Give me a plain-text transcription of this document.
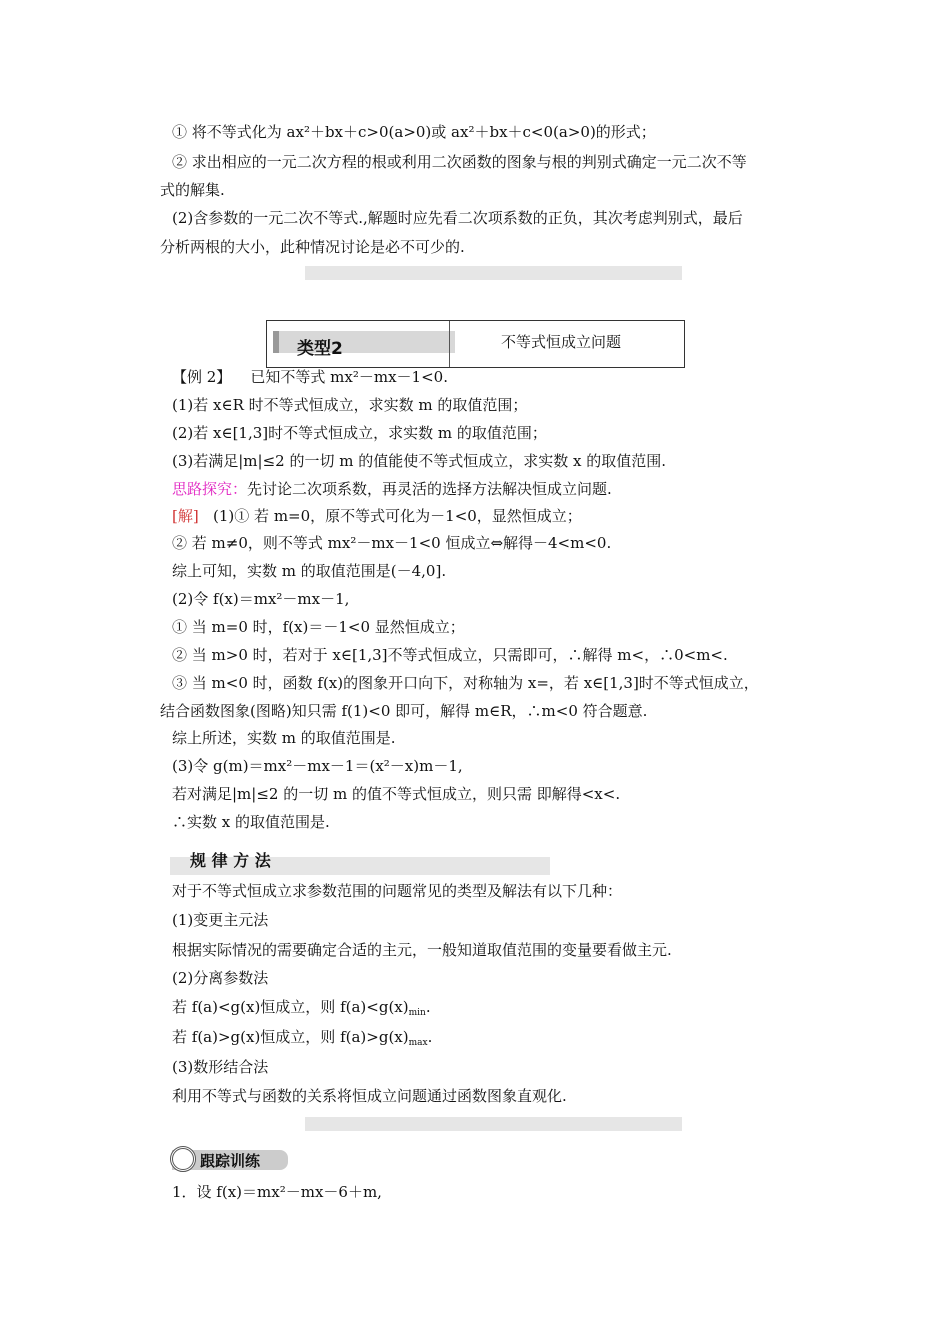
① 将不等式化为 ax²＋bx＋c>0(a>0)或 ax²＋bx＋c<0(a>0)的形式；
② 求出相应的一元二次方程的根或利用二次函数的图象与根的判别式确定一元二次不等
式的解集.
(2)含参数的一元二次不等式.,解题时应先看二次项系数的正负，其次考虑判别式，最后
分析两根的大小，此种情况讨论是必不可少的.
类型2	不等式恒成立问题
【例 2】 已知不等式 mx²－mx－1<0.
(1)若 x∈R 时不等式恒成立，求实数 m 的取值范围；
(2)若 x∈[1,3]时不等式恒成立，求实数 m 的取值范围；
(3)若满足|m|≤2 的一切 m 的值能使不等式恒成立，求实数 x 的取值范围.
思路探究：先讨论二次项系数，再灵活的选择方法解决恒成立问题.
[解] (1)① 若 m=0，原不等式可化为－1<0，显然恒成立；
② 若 m≠0，则不等式 mx²－mx－1<0 恒成立⇔解得－4<m<0.
综上可知，实数 m 的取值范围是(－4,0].
(2)令 f(x)＝mx²－mx－1,
① 当 m=0 时，f(x)＝－1<0 显然恒成立；
② 当 m>0 时，若对于 x∈[1,3]不等式恒成立，只需即可，∴解得 m<，∴0<m<.
③ 当 m<0 时，函数 f(x)的图象开口向下，对称轴为 x=，若 x∈[1,3]时不等式恒成立，
结合函数图象(图略)知只需 f(1)<0 即可，解得 m∈R，∴m<0 符合题意.
综上所述，实数 m 的取值范围是.
(3)令 g(m)＝mx²－mx－1＝(x²－x)m－1,
若对满足|m|≤2 的一切 m 的值不等式恒成立，则只需 即解得<x<.
∴实数 x 的取值范围是.
规 律 方 法
对于不等式恒成立求参数范围的问题常见的类型及解法有以下几种：
(1)变更主元法
根据实际情况的需要确定合适的主元，一般知道取值范围的变量要看做主元.
(2)分离参数法
若 f(a)<g(x)恒成立，则 $f(a)<g(x)_{min}$.
若 f(a)>g(x)恒成立，则 $f(a)>g(x)_{max}$.
(3)数形结合法
利用不等式与函数的关系将恒成立问题通过函数图象直观化.
跟踪训练
1．设 f(x)＝mx²－mx－6＋m,
